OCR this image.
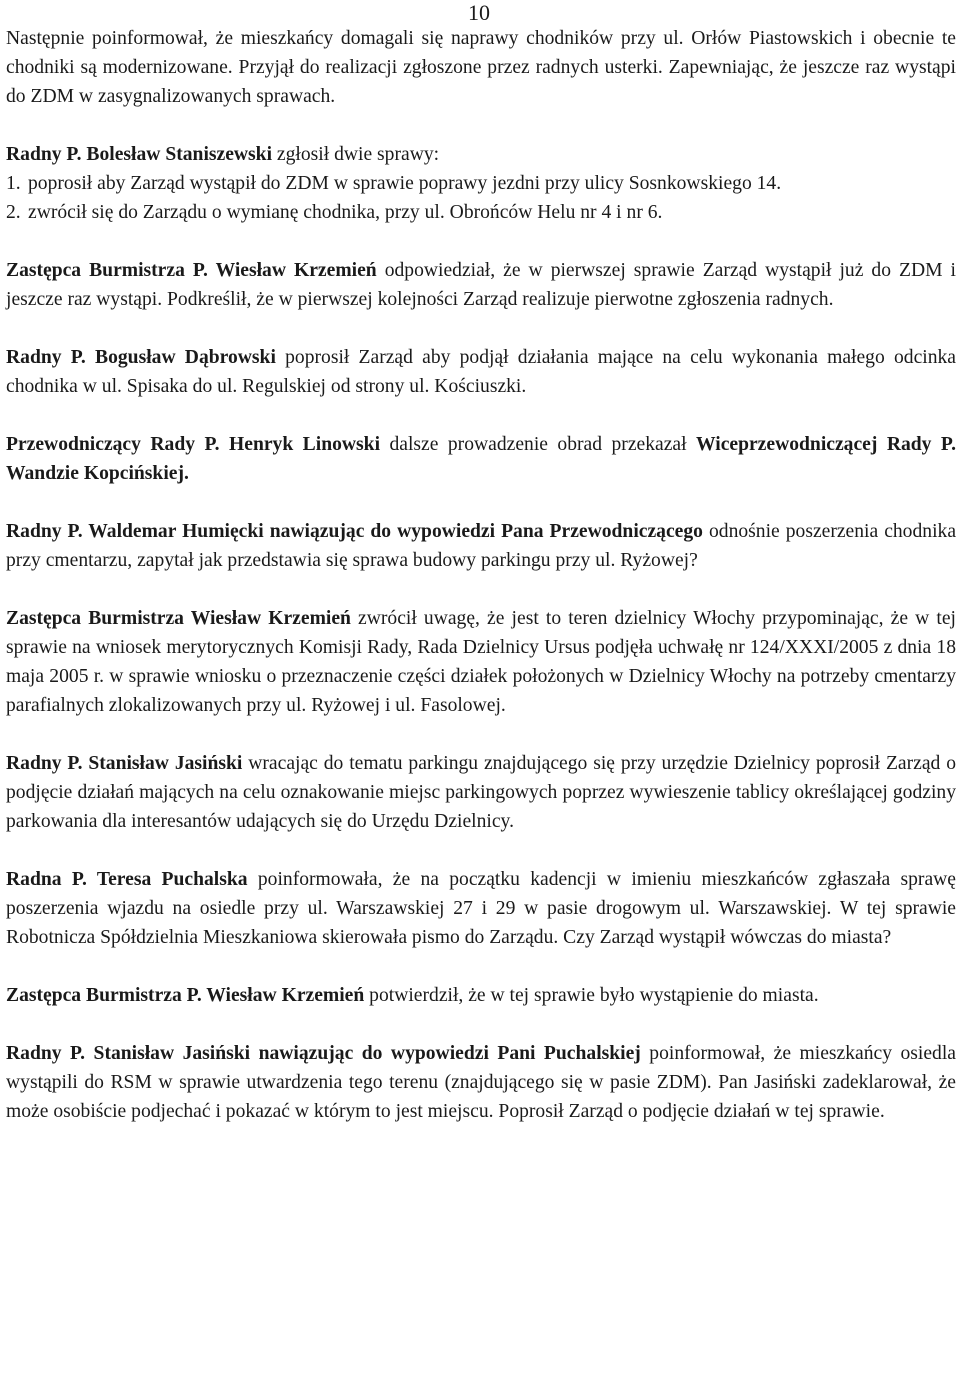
10

Następnie poinformował, że mieszkańcy domagali się naprawy chodników przy ul. Orłów Piastowskich i obecnie te chodniki są modernizowane. Przyjął do realizacji zgłoszone przez radnych usterki. Zapewniając, że jeszcze raz wystąpi do ZDM w zasygnalizowanych sprawach.

Radny P. Bolesław Staniszewski zgłosił dwie sprawy:

1. poprosił aby Zarząd wystąpił do ZDM w sprawie poprawy jezdni przy ulicy Sosnkowskiego 14.
2. zwrócił się do Zarządu o wymianę chodnika, przy ul. Obrońców Helu nr 4 i nr 6.

Zastępca Burmistrza P. Wiesław Krzemień odpowiedział, że w pierwszej sprawie Zarząd wystąpił już do ZDM i jeszcze raz wystąpi. Podkreślił, że w pierwszej kolejności Zarząd realizuje pierwotne zgłoszenia radnych.

Radny P. Bogusław Dąbrowski poprosił Zarząd aby podjął działania mające na celu wykonania małego odcinka chodnika w ul. Spisaka do ul. Regulskiej od strony ul. Kościuszki.

Przewodniczący Rady P. Henryk Linowski dalsze prowadzenie obrad przekazał Wiceprzewodniczącej Rady P. Wandzie Kopcińskiej.

Radny P. Waldemar Humięcki nawiązując do wypowiedzi Pana Przewodniczącego odnośnie poszerzenia chodnika przy cmentarzu, zapytał jak przedstawia się sprawa budowy parkingu przy ul. Ryżowej?

Zastępca Burmistrza Wiesław Krzemień zwrócił uwagę, że jest to teren dzielnicy Włochy przypominając, że w tej sprawie na wniosek merytorycznych Komisji Rady, Rada Dzielnicy Ursus podjęła uchwałę nr 124/XXXI/2005 z dnia 18 maja 2005 r. w sprawie wniosku o przeznaczenie części działek położonych w Dzielnicy Włochy na potrzeby cmentarzy parafialnych zlokalizowanych przy ul. Ryżowej i ul. Fasolowej.

Radny P. Stanisław Jasiński wracając do tematu parkingu znajdującego się przy urzędzie Dzielnicy poprosił Zarząd o podjęcie działań mających na celu oznakowanie miejsc parkingowych poprzez wywieszenie tablicy określającej godziny parkowania dla interesantów udających się do Urzędu Dzielnicy.

Radna P. Teresa Puchalska poinformowała, że na początku kadencji w imieniu mieszkańców zgłaszała sprawę poszerzenia wjazdu na osiedle przy ul. Warszawskiej 27 i 29 w pasie drogowym ul. Warszawskiej. W tej sprawie Robotnicza Spółdzielnia Mieszkaniowa skierowała pismo do Zarządu. Czy Zarząd wystąpił wówczas do miasta?

Zastępca Burmistrza P. Wiesław Krzemień potwierdził, że w tej sprawie było wystąpienie do miasta.

Radny P. Stanisław Jasiński nawiązując do wypowiedzi Pani Puchalskiej poinformował, że mieszkańcy osiedla wystąpili do RSM w sprawie utwardzenia tego terenu (znajdującego się w pasie ZDM). Pan Jasiński zadeklarował, że może osobiście podjechać i pokazać w którym to jest miejscu. Poprosił Zarząd o podjęcie działań w tej sprawie.
